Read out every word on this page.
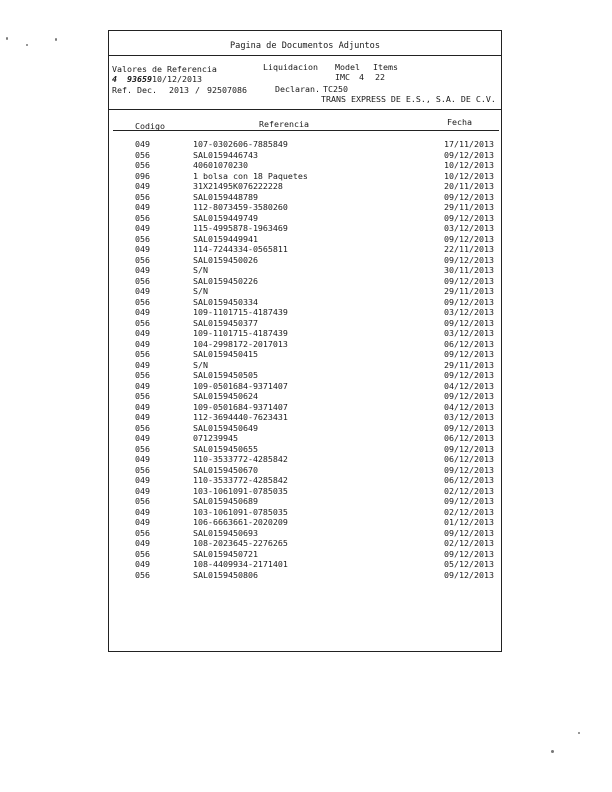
Pagina de Documentos Adjuntos
Valores de Referencia	Liquidacion Model Items
4 9365910/12/2013	IMC 4 22
Ref. Dec. 2013 / 92507086	Declaran. TC250
TRANS EXPRESS DE E.S., S.A. DE C.V.
Codigo	Referencia	Fecha
049	107-0302606-7885849	17/11/2013
056	SAL0159446743	09/12/2013
056	40601070230	10/12/2013
096	1 bolsa con 18 Paquetes	10/12/2013
049	31X21495K076222228	20/11/2013
056	SAL0159448789	09/12/2013
049	112-8073459-3580260	29/11/2013
056	SAL0159449749	09/12/2013
049	115-4995878-1963469	03/12/2013
056	SAL0159449941	09/12/2013
049	114-7244334-0565811	22/11/2013
056	SAL0159450026	09/12/2013
049	S/N	30/11/2013
056	SAL0159450226	09/12/2013
049	S/N	29/11/2013
056	SAL0159450334	09/12/2013
049	109-1101715-4187439	03/12/2013
056	SAL0159450377	09/12/2013
049	109-1101715-4187439	03/12/2013
049	104-2998172-2017013	06/12/2013
056	SAL0159450415	09/12/2013
049	S/N	29/11/2013
056	SAL0159450505	09/12/2013
049	109-0501684-9371407	04/12/2013
056	SAL0159450624	09/12/2013
049	109-0501684-9371407	04/12/2013
049	112-3694440-7623431	03/12/2013
056	SAL0159450649	09/12/2013
049	071239945	06/12/2013
056	SAL0159450655	09/12/2013
049	110-3533772-4285842	06/12/2013
056	SAL0159450670	09/12/2013
049	110-3533772-4285842	06/12/2013
049	103-1061091-0785035	02/12/2013
056	SAL0159450689	09/12/2013
049	103-1061091-0785035	02/12/2013
049	106-6663661-2020209	01/12/2013
056	SAL0159450693	09/12/2013
049	108-2023645-2276265	02/12/2013
056	SAL0159450721	09/12/2013
049	108-4409934-2171401	05/12/2013
056	SAL0159450806	09/12/2013
